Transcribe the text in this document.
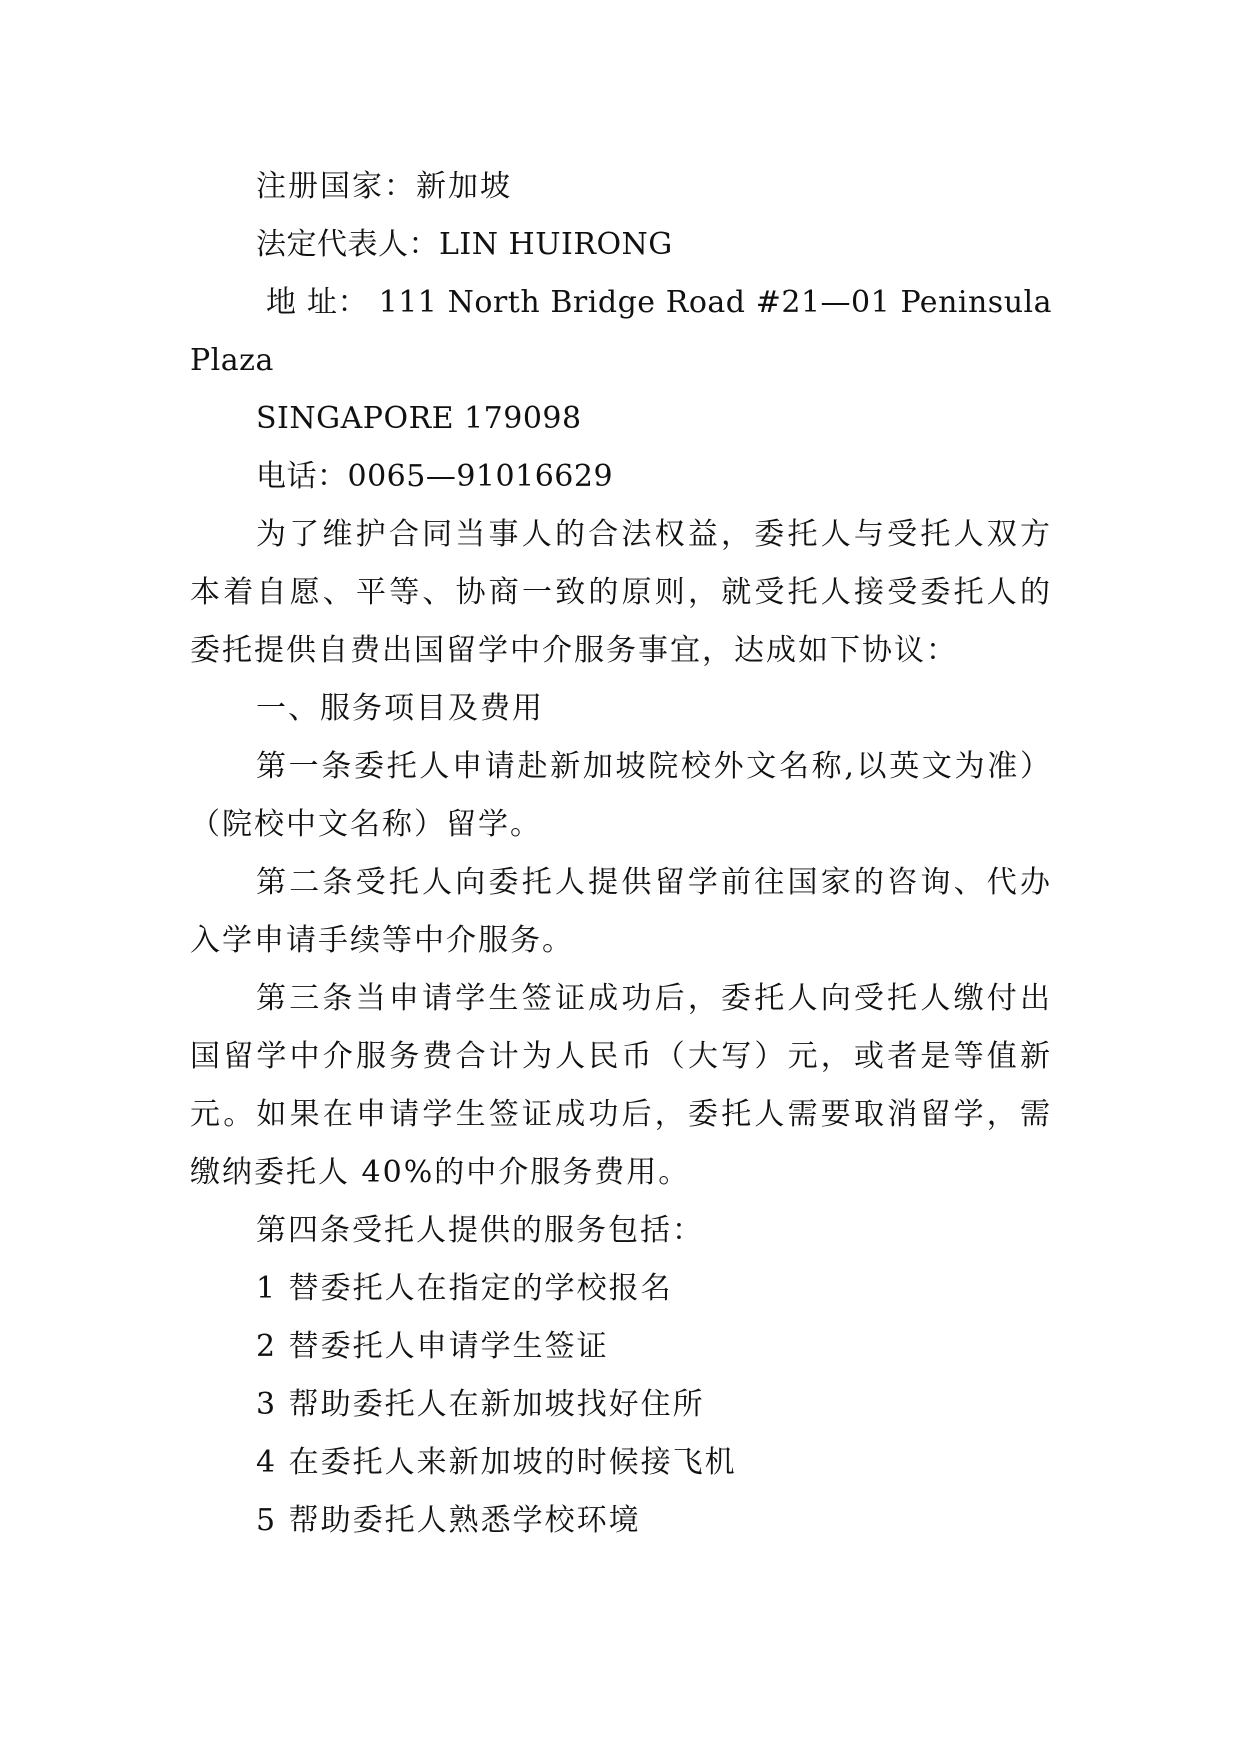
注册国家：新加坡

法定代表人：LIN HUIRONG

地 址： 111 North Bridge Road #21—01 Peninsula Plaza

SINGAPORE 179098

电话：0065—91016629

为了维护合同当事人的合法权益，委托人与受托人双方本着自愿、平等、协商一致的原则，就受托人接受委托人的委托提供自费出国留学中介服务事宜，达成如下协议：

一、服务项目及费用

第一条委托人申请赴新加坡院校外文名称,以英文为准）（院校中文名称）留学。

第二条受托人向委托人提供留学前往国家的咨询、代办入学申请手续等中介服务。

第三条当申请学生签证成功后，委托人向受托人缴付出国留学中介服务费合计为人民币（大写）元，或者是等值新元。如果在申请学生签证成功后，委托人需要取消留学，需缴纳委托人 40%的中介服务费用。

第四条受托人提供的服务包括：

1 替委托人在指定的学校报名

2 替委托人申请学生签证

3 帮助委托人在新加坡找好住所

4 在委托人来新加坡的时候接飞机

5 帮助委托人熟悉学校环境
